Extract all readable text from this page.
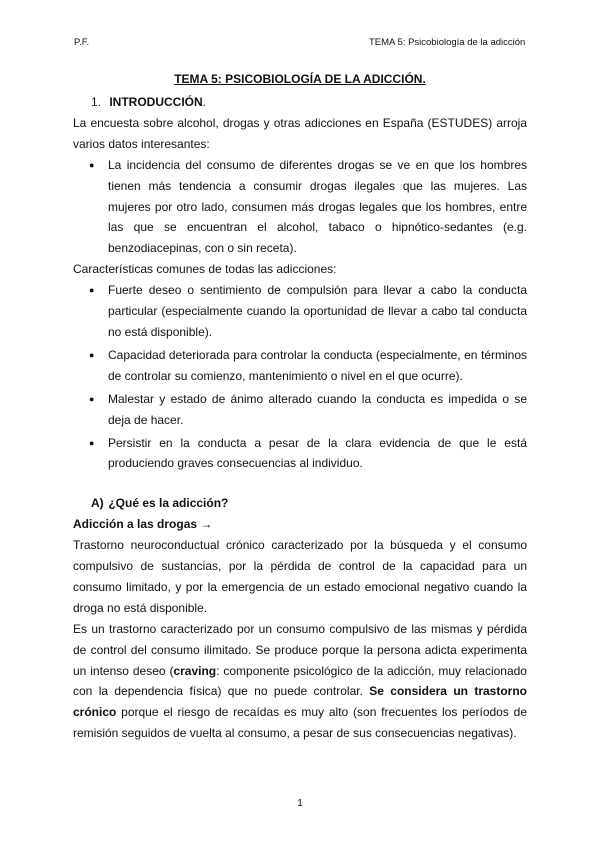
P.F.	TEMA 5: Psicobiología de la adicción
TEMA 5: PSICOBIOLOGÍA DE LA ADICCIÓN.
1. INTRODUCCIÓN.

La encuesta sobre alcohol, drogas y otras adicciones en España (ESTUDES) arroja varios datos interesantes:

● La incidencia del consumo de diferentes drogas se ve en que los hombres tienen más tendencia a consumir drogas ilegales que las mujeres. Las mujeres por otro lado, consumen más drogas legales que los hombres, entre las que se encuentran el alcohol, tabaco o hipnótico-sedantes (e.g. benzodiacepinas, con o sin receta).

Características comunes de todas las adicciones:

● Fuerte deseo o sentimiento de compulsión para llevar a cabo la conducta particular (especialmente cuando la oportunidad de llevar a cabo tal conducta no está disponible).
● Capacidad deteriorada para controlar la conducta (especialmente, en términos de controlar su comienzo, mantenimiento o nivel en el que ocurre).
● Malestar y estado de ánimo alterado cuando la conducta es impedida o se deja de hacer.
● Persistir en la conducta a pesar de la clara evidencia de que le está produciendo graves consecuencias al individuo.
A) ¿Qué es la adicción?
Adicción a las drogas →

Trastorno neuroconductual crónico caracterizado por la búsqueda y el consumo compulsivo de sustancias, por la pérdida de control de la capacidad para un consumo limitado, y por la emergencia de un estado emocional negativo cuando la droga no está disponible.

Es un trastorno caracterizado por un consumo compulsivo de las mismas y pérdida de control del consumo ilimitado. Se produce porque la persona adicta experimenta un intenso deseo (craving: componente psicológico de la adicción, muy relacionado con la dependencia física) que no puede controlar. Se considera un trastorno crónico porque el riesgo de recaídas es muy alto (son frecuentes los períodos de remisión seguidos de vuelta al consumo, a pesar de sus consecuencias negativas).

1
